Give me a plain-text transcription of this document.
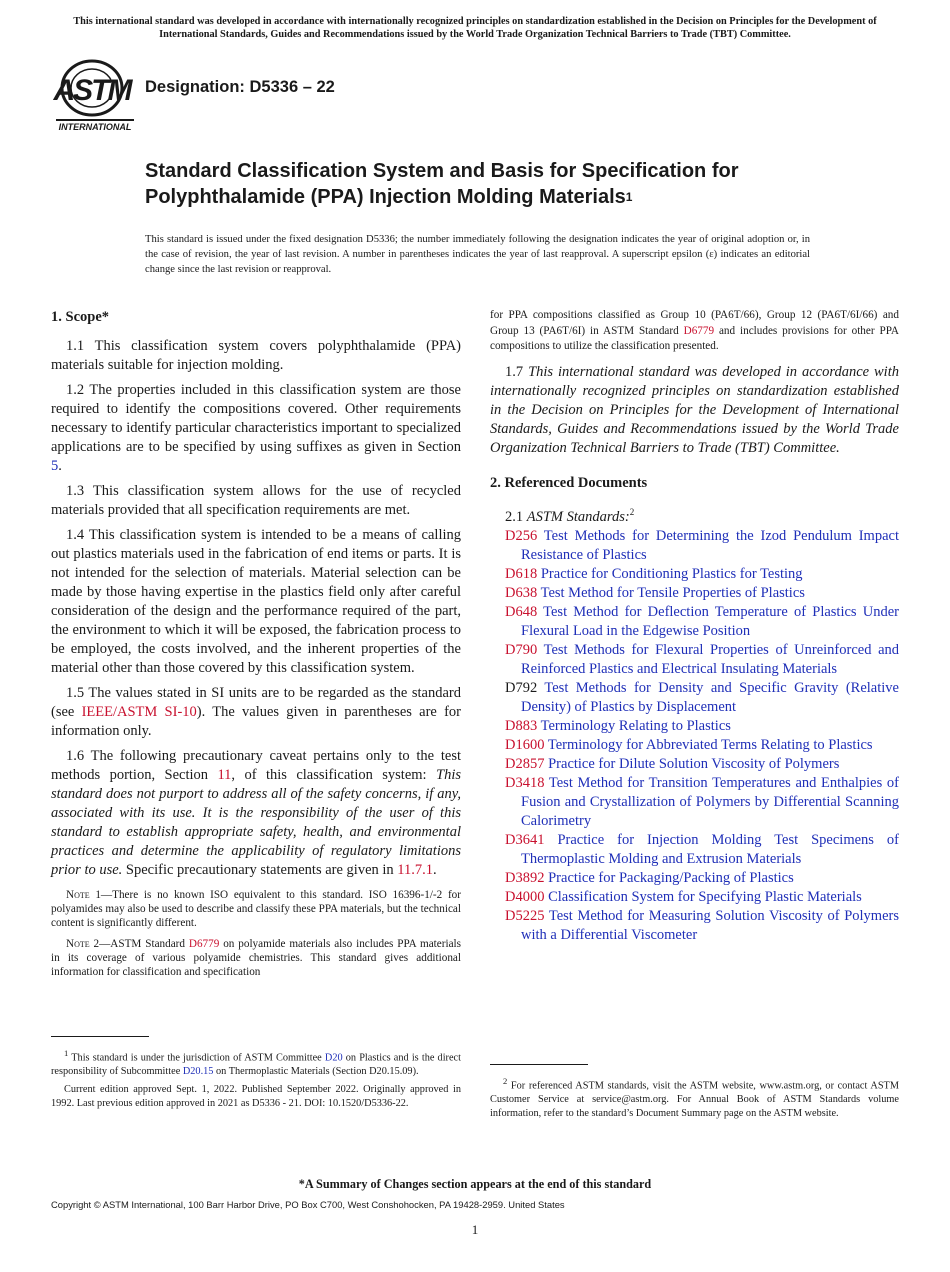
This international standard was developed in accordance with internationally recognized principles on standardization established in the Decision on Principles for the Development of International Standards, Guides and Recommendations issued by the World Trade Organization Technical Barriers to Trade (TBT) Committee.
ASTM
INTERNATIONAL
Designation: D5336 – 22
Standard Classification System and Basis for Specification for
Polyphthalamide (PPA) Injection Molding Materials$^1$
This standard is issued under the fixed designation D5336; the number immediately following the designation indicates the year of original adoption or, in the case of revision, the year of last revision. A number in parentheses indicates the year of last reapproval. A superscript epsilon (ε) indicates an editorial change since the last revision or reapproval.
1. Scope*

1.1 This classification system covers polyphthalamide (PPA) materials suitable for injection molding.

1.2 The properties included in this classification system are those required to identify the compositions covered. Other requirements necessary to identify particular characteristics important to specialized applications are to be specified by using suffixes as given in Section 5.

1.3 This classification system allows for the use of recycled materials provided that all specification requirements are met.

1.4 This classification system is intended to be a means of calling out plastics materials used in the fabrication of end items or parts. It is not intended for the selection of materials. Material selection can be made by those having expertise in the plastics field only after careful consideration of the design and the performance required of the part, the environment to which it will be exposed, the fabrication process to be employed, the costs involved, and the inherent properties of the material other than those covered by this classification system.

1.5 The values stated in SI units are to be regarded as the standard (see IEEE/ASTM SI-10). The values given in parentheses are for information only.

1.6 The following precautionary caveat pertains only to the test methods portion, Section 11, of this classification system: This standard does not purport to address all of the safety concerns, if any, associated with its use. It is the responsibility of the user of this standard to establish appropriate safety, health, and environmental practices and determine the applicability of regulatory limitations prior to use. Specific precautionary statements are given in 11.7.1.

Note 1—There is no known ISO equivalent to this standard. ISO 16396-1/-2 for polyamides may also be used to describe and classify these PPA materials, but the technical content is significantly different.

Note 2—ASTM Standard D6779 on polyamide materials also includes PPA materials in its coverage of various polyamide chemistries. This standard gives additional information for classification and specification

$^1$ This standard is under the jurisdiction of ASTM Committee D20 on Plastics and is the direct responsibility of Subcommittee D20.15 on Thermoplastic Materials (Section D20.15.09).

Current edition approved Sept. 1, 2022. Published September 2022. Originally approved in 1992. Last previous edition approved in 2021 as D5336 - 21. DOI: 10.1520/D5336-22.

for PPA compositions classified as Group 10 (PA6T/66), Group 12 (PA6T/6I/66) and Group 13 (PA6T/6I) in ASTM Standard D6779 and includes provisions for other PPA compositions to utilize the classification presented.

1.7 This international standard was developed in accordance with internationally recognized principles on standardization established in the Decision on Principles for the Development of International Standards, Guides and Recommendations issued by the World Trade Organization Technical Barriers to Trade (TBT) Committee.

2. Referenced Documents

2.1 ASTM Standards:$^2$

D256 Test Methods for Determining the Izod Pendulum Impact Resistance of Plastics

D618 Practice for Conditioning Plastics for Testing

D638 Test Method for Tensile Properties of Plastics

D648 Test Method for Deflection Temperature of Plastics Under Flexural Load in the Edgewise Position

D790 Test Methods for Flexural Properties of Unreinforced and Reinforced Plastics and Electrical Insulating Materials

D792 Test Methods for Density and Specific Gravity (Relative Density) of Plastics by Displacement

D883 Terminology Relating to Plastics

D1600 Terminology for Abbreviated Terms Relating to Plastics

D2857 Practice for Dilute Solution Viscosity of Polymers

D3418 Test Method for Transition Temperatures and Enthalpies of Fusion and Crystallization of Polymers by Differential Scanning Calorimetry

D3641 Practice for Injection Molding Test Specimens of Thermoplastic Molding and Extrusion Materials

D3892 Practice for Packaging/Packing of Plastics

D4000 Classification System for Specifying Plastic Materials

D5225 Test Method for Measuring Solution Viscosity of Polymers with a Differential Viscometer

$^2$ For referenced ASTM standards, visit the ASTM website, www.astm.org, or contact ASTM Customer Service at service@astm.org. For Annual Book of ASTM Standards volume information, refer to the standard’s Document Summary page on the ASTM website.

*A Summary of Changes section appears at the end of this standard
Copyright © ASTM International, 100 Barr Harbor Drive, PO Box C700, West Conshohocken, PA 19428-2959. United States
1
